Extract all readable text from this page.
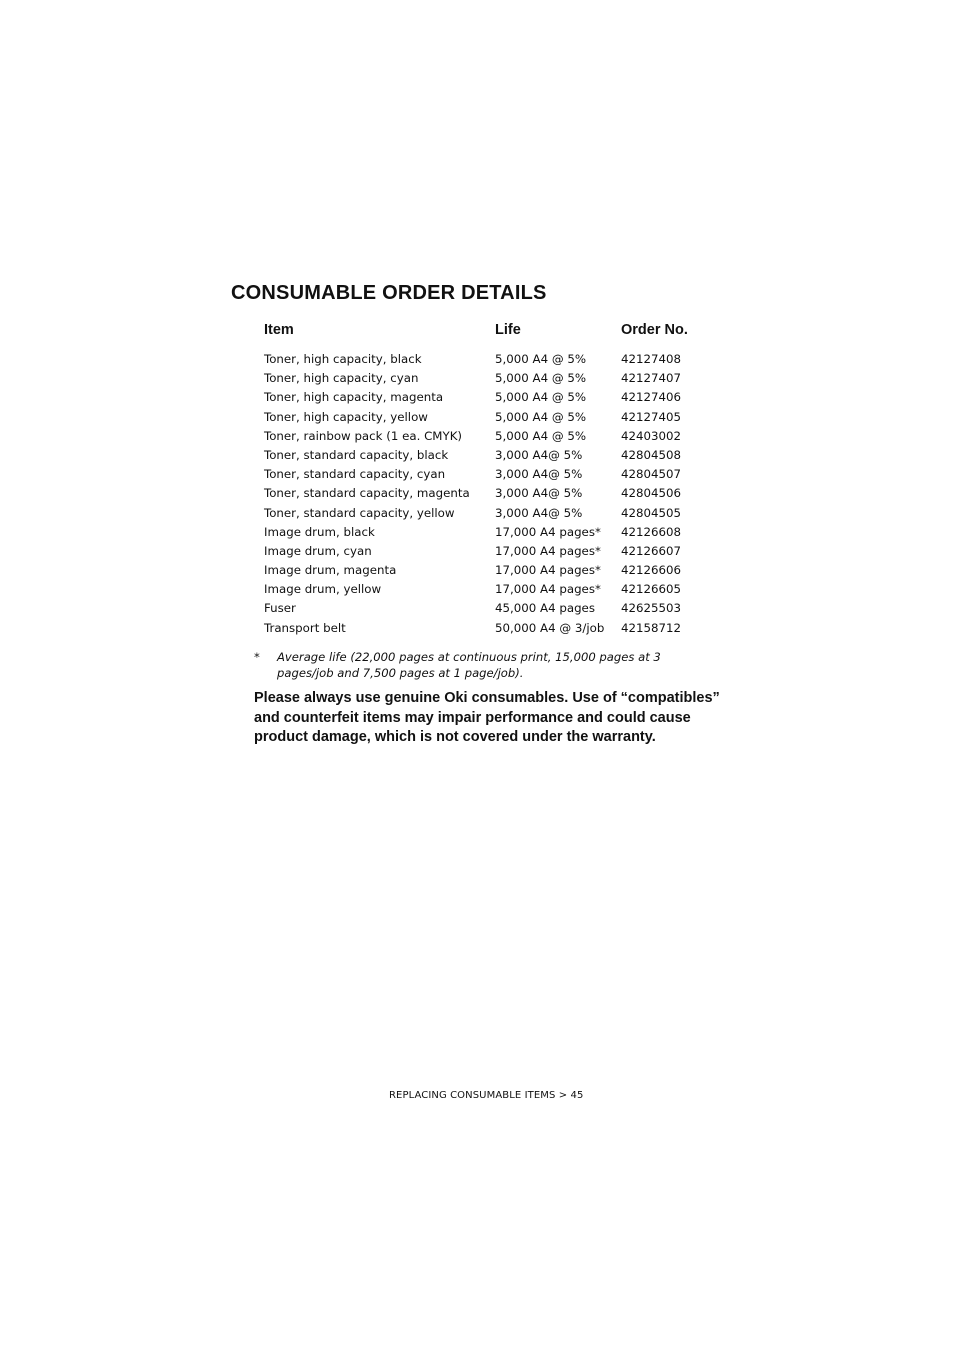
CONSUMABLE ORDER DETAILS
Item	Life	Order No.
Toner, high capacity, black	5,000 A4 @ 5%	42127408
Toner, high capacity, cyan	5,000 A4 @ 5%	42127407
Toner, high capacity, magenta	5,000 A4 @ 5%	42127406
Toner, high capacity, yellow	5,000 A4 @ 5%	42127405
Toner, rainbow pack (1 ea. CMYK)	5,000 A4 @ 5%	42403002
Toner, standard capacity, black	3,000 A4@ 5%	42804508
Toner, standard capacity, cyan	3,000 A4@ 5%	42804507
Toner, standard capacity, magenta 3,000 A4@ 5%	42804506
Toner, standard capacity, yellow	3,000 A4@ 5%	42804505
Image drum, black	17,000 A4 pages* 42126608
Image drum, cyan	17,000 A4 pages* 42126607
Image drum, magenta	17,000 A4 pages* 42126606
Image drum, yellow	17,000 A4 pages* 42126605
Fuser	45,000 A4 pages 42625503
Transport belt	50,000 A4 @ 3/job 42158712
* Average life (22,000 pages at continuous print, 15,000 pages at 3 pages/job and 7,500 pages at 1 page/job).

Please always use genuine Oki consumables. Use of “compatibles” and counterfeit items may impair performance and could cause product damage, which is not covered under the warranty.

REPLACING CONSUMABLE ITEMS > 45
